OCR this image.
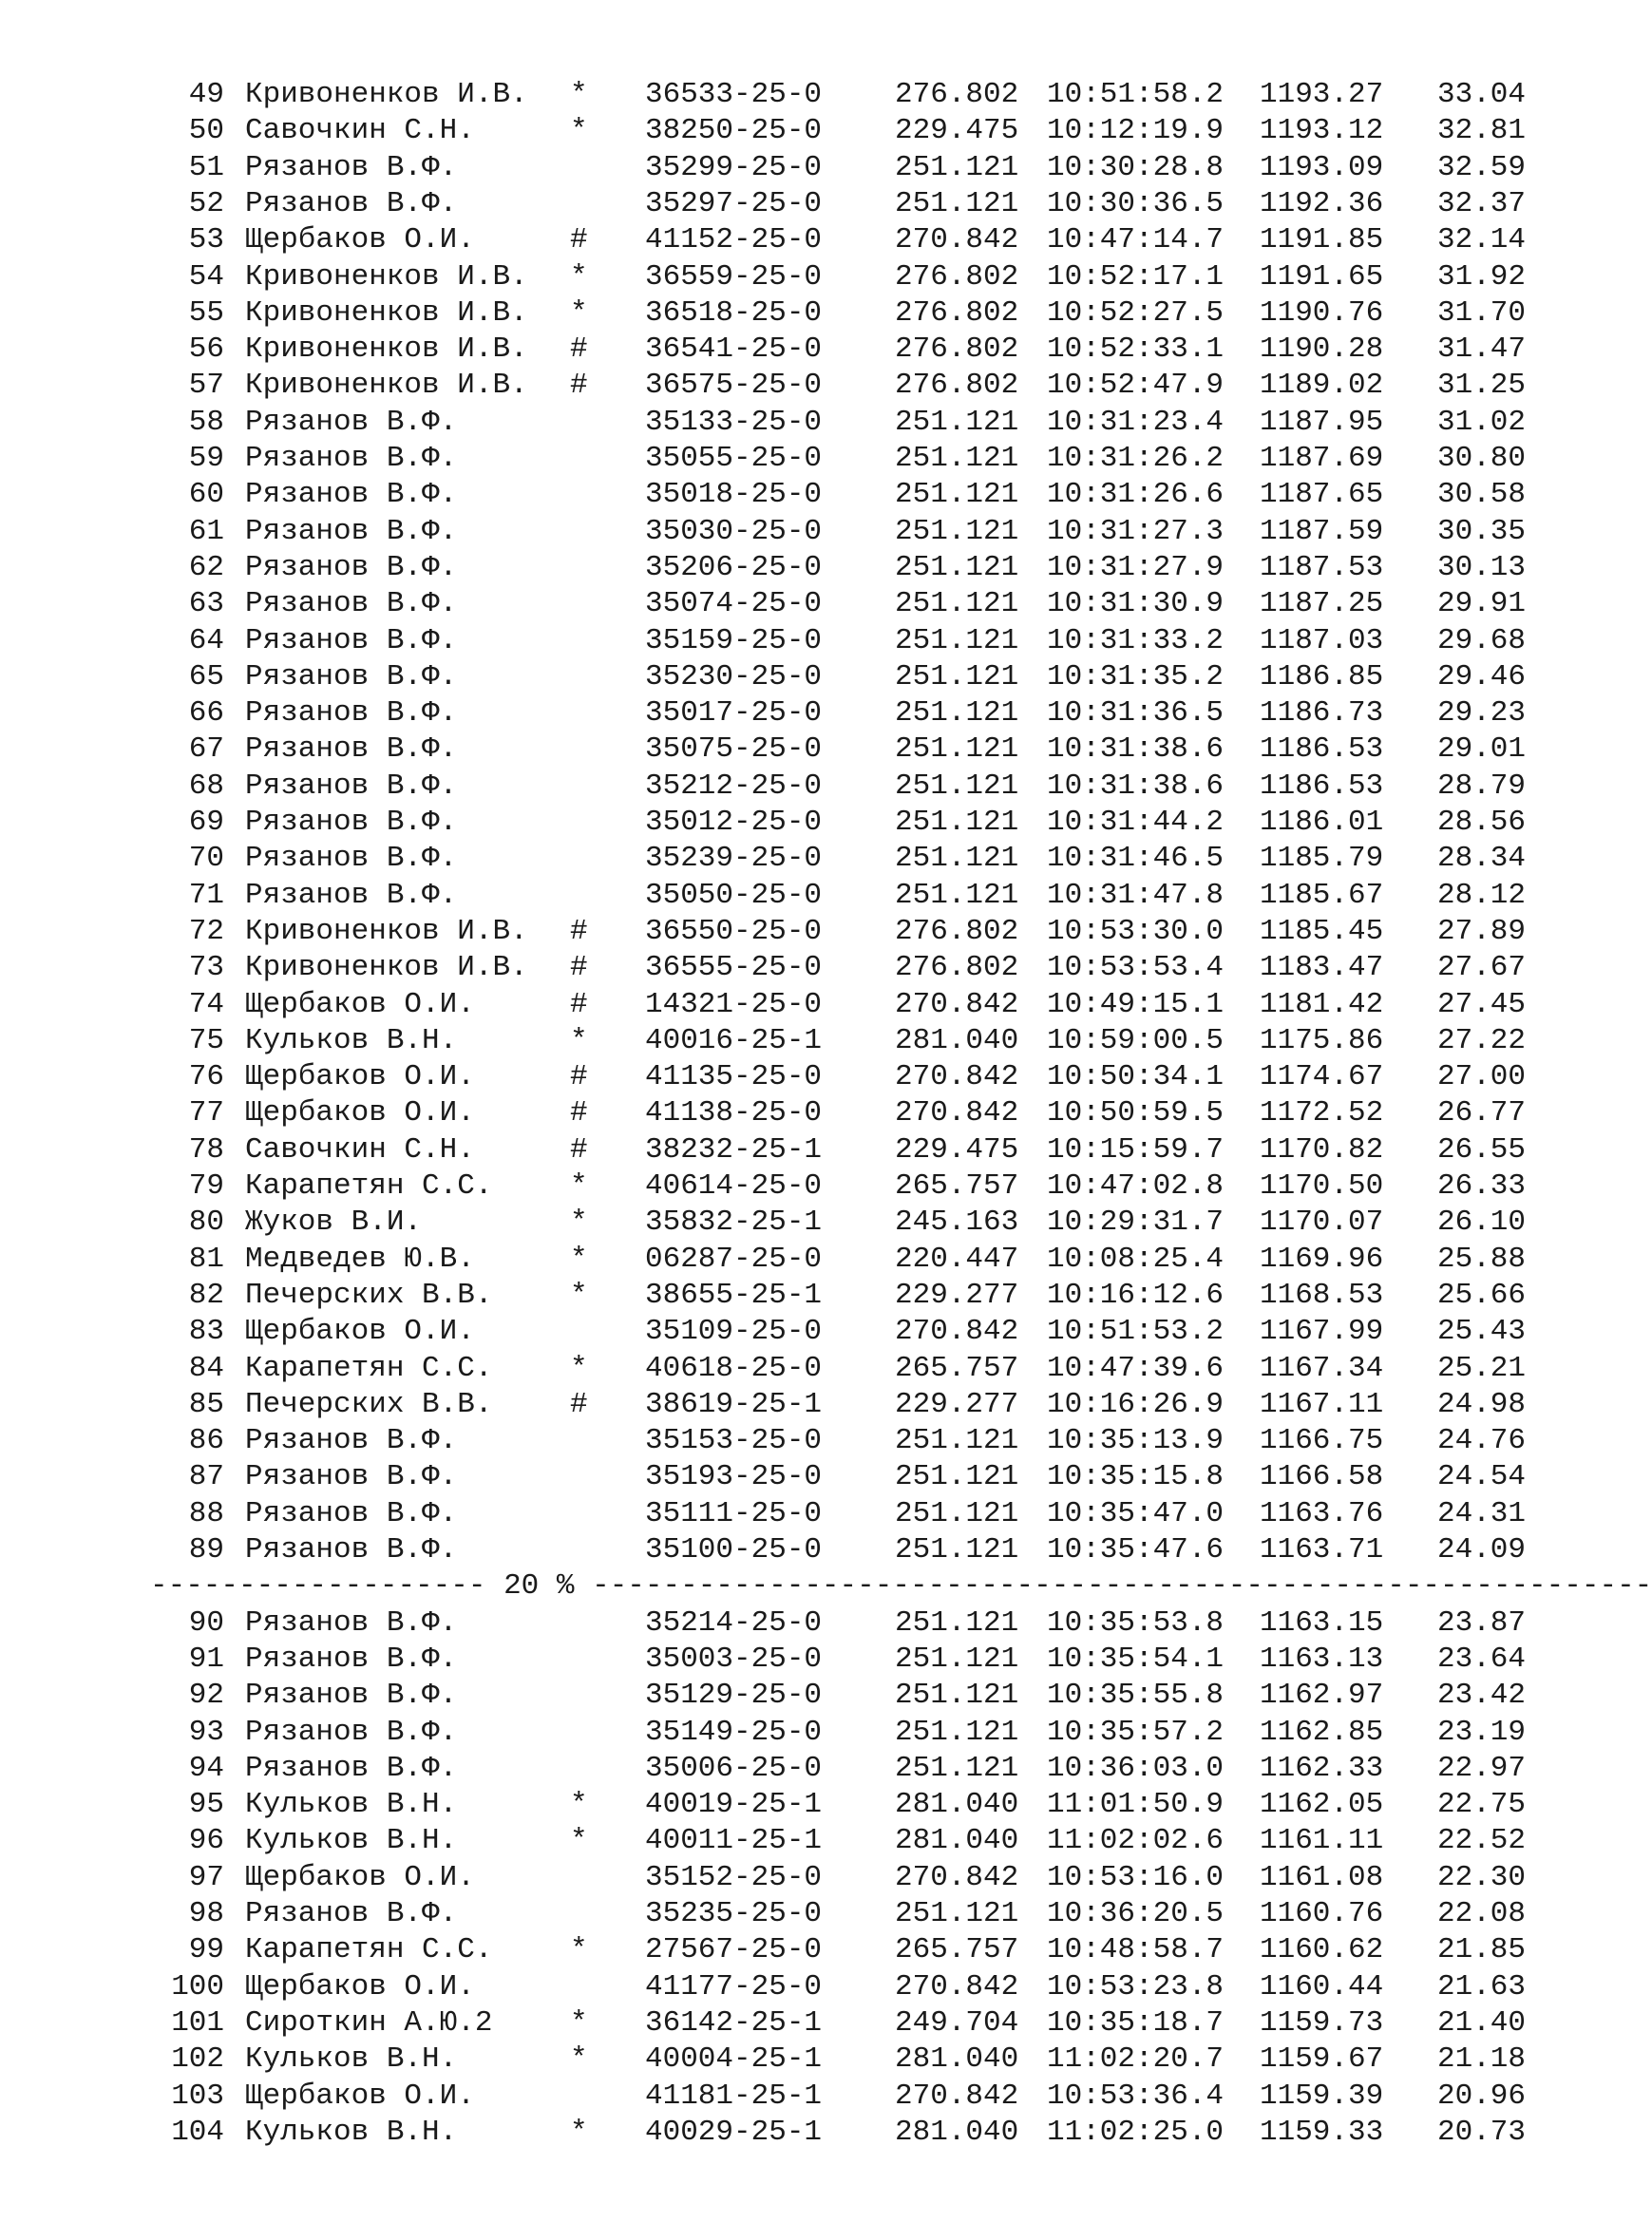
49 Кривоненков И.В. * 36533-25-0 276.802 10:51:58.2 1193.27 33.04
50 Савочкин С.Н.	* 38250-25-0 229.475 10:12:19.9 1193.12 32.81
51 Рязанов В.Ф.	35299-25-0 251.121 10:30:28.8 1193.09 32.59
52 Рязанов В.Ф.	35297-25-0 251.121 10:30:36.5 1192.36 32.37
53 Щербаков О.И.	# 41152-25-0 270.842 10:47:14.7 1191.85 32.14
54 Кривоненков И.В. * 36559-25-0 276.802 10:52:17.1 1191.65 31.92
55 Кривоненков И.В. * 36518-25-0 276.802 10:52:27.5 1190.76 31.70
56 Кривоненков И.В. # 36541-25-0 276.802 10:52:33.1 1190.28 31.47
57 Кривоненков И.В. # 36575-25-0 276.802 10:52:47.9 1189.02 31.25
58 Рязанов В.Ф.	35133-25-0 251.121 10:31:23.4 1187.95 31.02
59 Рязанов В.Ф.	35055-25-0 251.121 10:31:26.2 1187.69 30.80
60 Рязанов В.Ф.	35018-25-0 251.121 10:31:26.6 1187.65 30.58
61 Рязанов В.Ф.	35030-25-0 251.121 10:31:27.3 1187.59 30.35
62 Рязанов В.Ф.	35206-25-0 251.121 10:31:27.9 1187.53 30.13
63 Рязанов В.Ф.	35074-25-0 251.121 10:31:30.9 1187.25 29.91
64 Рязанов В.Ф.	35159-25-0 251.121 10:31:33.2 1187.03 29.68
65 Рязанов В.Ф.	35230-25-0 251.121 10:31:35.2 1186.85 29.46
66 Рязанов В.Ф.	35017-25-0 251.121 10:31:36.5 1186.73 29.23
67 Рязанов В.Ф.	35075-25-0 251.121 10:31:38.6 1186.53 29.01
68 Рязанов В.Ф.	35212-25-0 251.121 10:31:38.6 1186.53 28.79
69 Рязанов В.Ф.	35012-25-0 251.121 10:31:44.2 1186.01 28.56
70 Рязанов В.Ф.	35239-25-0 251.121 10:31:46.5 1185.79 28.34
71 Рязанов В.Ф.	35050-25-0 251.121 10:31:47.8 1185.67 28.12
72 Кривоненков И.В. # 36550-25-0 276.802 10:53:30.0 1185.45 27.89
73 Кривоненков И.В. # 36555-25-0 276.802 10:53:53.4 1183.47 27.67
74 Щербаков О.И.	# 14321-25-0 270.842 10:49:15.1 1181.42 27.45
75 Кульков В.Н.	* 40016-25-1 281.040 10:59:00.5 1175.86 27.22
76 Щербаков О.И.	# 41135-25-0 270.842 10:50:34.1 1174.67 27.00
77 Щербаков О.И.	# 41138-25-0 270.842 10:50:59.5 1172.52 26.77
78 Савочкин С.Н.	# 38232-25-1 229.475 10:15:59.7 1170.82 26.55
79 Карапетян С.С.	* 40614-25-0 265.757 10:47:02.8 1170.50 26.33
80 Жуков В.И.	* 35832-25-1 245.163 10:29:31.7 1170.07 26.10
81 Медведев Ю.В.	* 06287-25-0 220.447 10:08:25.4 1169.96 25.88
82 Печерских В.В.	* 38655-25-1 229.277 10:16:12.6 1168.53 25.66
83 Щербаков О.И.	35109-25-0 270.842 10:51:53.2 1167.99 25.43
84 Карапетян С.С.	* 40618-25-0 265.757 10:47:39.6 1167.34 25.21
85 Печерских В.В.	# 38619-25-1 229.277 10:16:26.9 1167.11 24.98
86 Рязанов В.Ф.	35153-25-0 251.121 10:35:13.9 1166.75 24.76
87 Рязанов В.Ф.	35193-25-0 251.121 10:35:15.8 1166.58 24.54
88 Рязанов В.Ф.	35111-25-0 251.121 10:35:47.0 1163.76 24.31
89 Рязанов В.Ф.	35100-25-0 251.121 10:35:47.6 1163.71 24.09
------------------- 20 % ------------------------------------------------------------
90 Рязанов В.Ф.	35214-25-0 251.121 10:35:53.8 1163.15 23.87
91 Рязанов В.Ф.	35003-25-0 251.121 10:35:54.1 1163.13 23.64
92 Рязанов В.Ф.	35129-25-0 251.121 10:35:55.8 1162.97 23.42
93 Рязанов В.Ф.	35149-25-0 251.121 10:35:57.2 1162.85 23.19
94 Рязанов В.Ф.	35006-25-0 251.121 10:36:03.0 1162.33 22.97
95 Кульков В.Н.	* 40019-25-1 281.040 11:01:50.9 1162.05 22.75
96 Кульков В.Н.	* 40011-25-1 281.040 11:02:02.6 1161.11 22.52
97 Щербаков О.И.	35152-25-0 270.842 10:53:16.0 1161.08 22.30
98 Рязанов В.Ф.	35235-25-0 251.121 10:36:20.5 1160.76 22.08
99 Карапетян С.С.	* 27567-25-0 265.757 10:48:58.7 1160.62 21.85
100 Щербаков О.И.	41177-25-0 270.842 10:53:23.8 1160.44 21.63
101 Сироткин А.Ю.2	* 36142-25-1 249.704 10:35:18.7 1159.73 21.40
102 Кульков В.Н.	* 40004-25-1 281.040 11:02:20.7 1159.67 21.18
103 Щербаков О.И.	41181-25-1 270.842 10:53:36.4 1159.39 20.96
104 Кульков В.Н.	* 40029-25-1 281.040 11:02:25.0 1159.33 20.73
